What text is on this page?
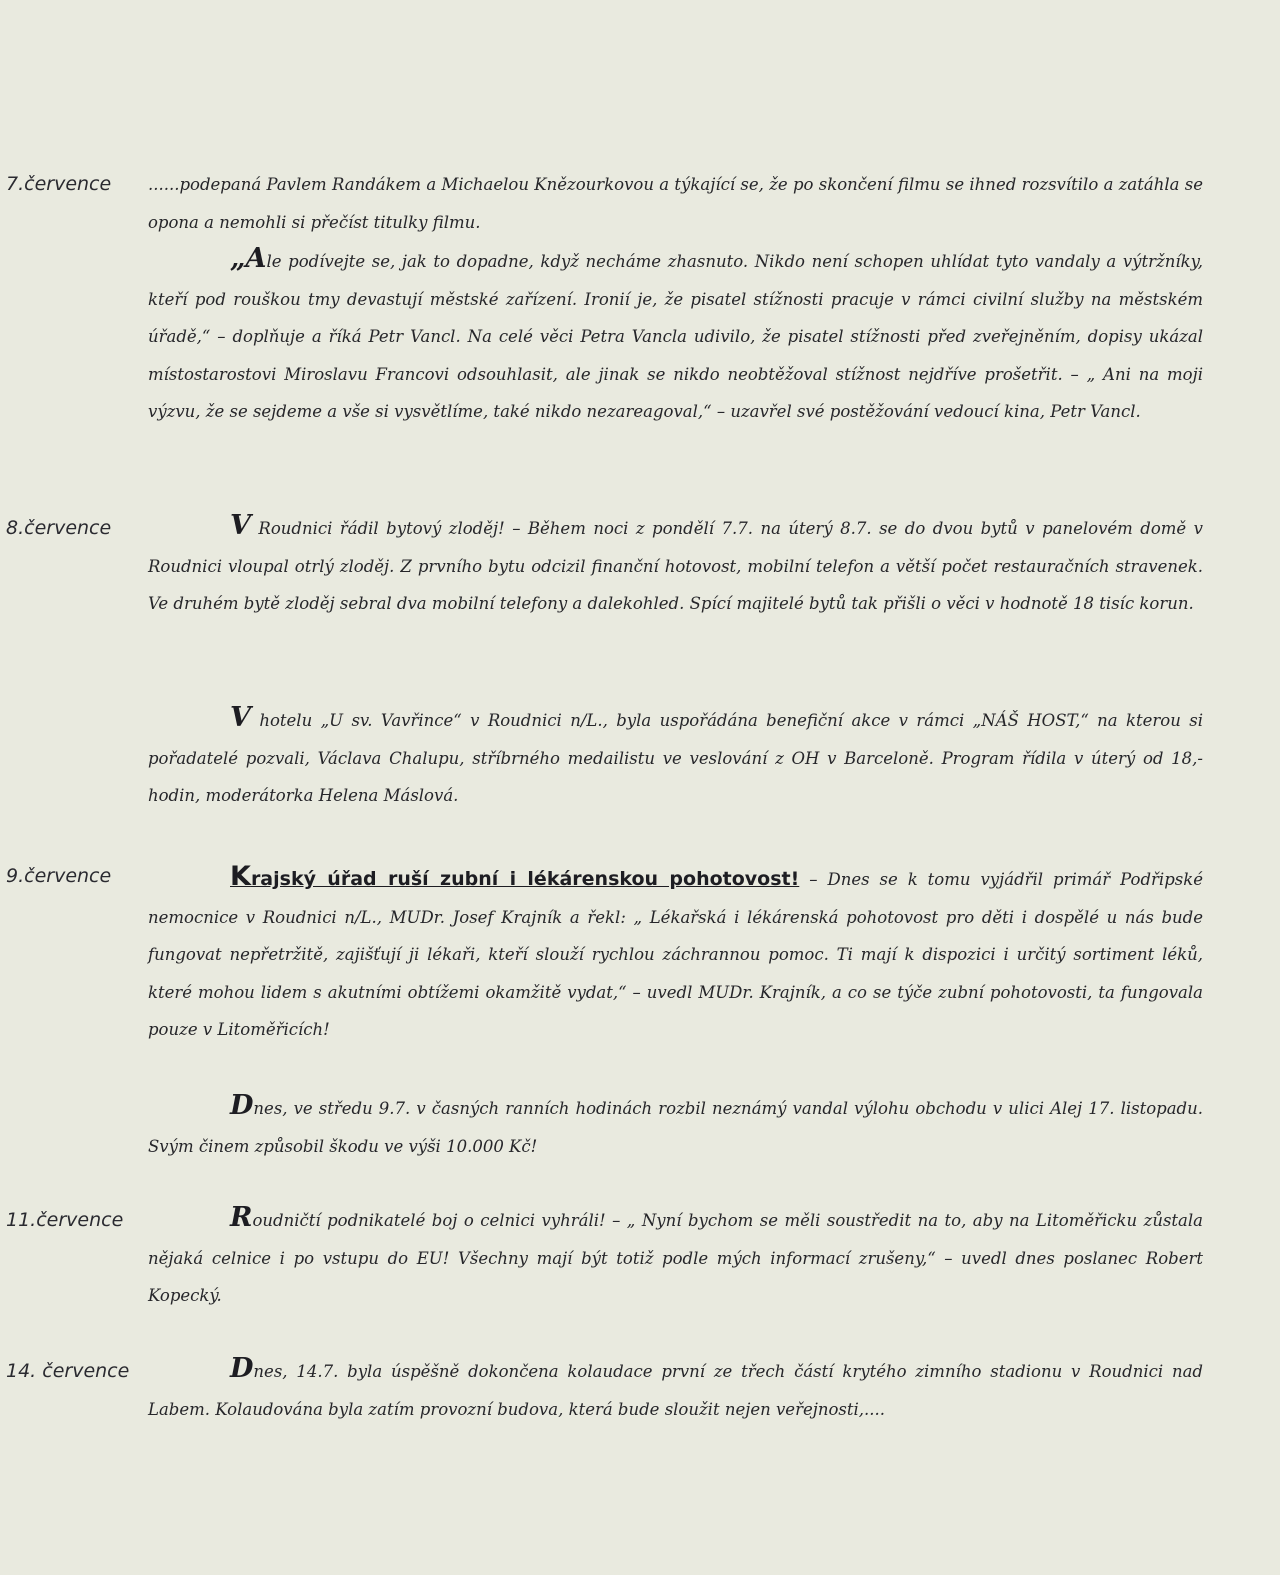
7.července ......podepaná Pavlem Randákem a Michaelou Knězourkovou a týkající se, že po skončení filmu se ihned rozsvítilo a zatáhla se opona a nemohli si přečíst titulky filmu.

„Ale podívejte se, jak to dopadne, když necháme zhasnuto. Nikdo není schopen uhlídat tyto vandaly a výtržníky, kteří pod rouškou tmy devastují městské zařízení. Ironií je, že pisatel stížnosti pracuje v rámci civilní služby na městském úřadě,“ – doplňuje a říká Petr Vancl. Na celé věci Petra Vancla udivilo, že pisatel stížnosti před zveřejněním, dopisy ukázal místostarostovi Miroslavu Francovi odsouhlasit, ale jinak se nikdo neobtěžoval stížnost nejdříve prošetřit. – „ Ani na moji výzvu, že se sejdeme a vše si vysvětlíme, také nikdo nezareagoval,“ – uzavřel své postěžování vedoucí kina, Petr Vancl.

8.července	V Roudnici řádil bytový zloděj! – Během noci z pondělí 7.7. na úterý 8.7. se do dvou bytů v panelovém domě v Roudnici vloupal otrlý zloděj. Z prvního bytu odcizil finanční hotovost, mobilní telefon a větší počet restauračních stravenek. Ve druhém bytě zloděj sebral dva mobilní telefony a dalekohled. Spící majitelé bytů tak přišli o věci v hodnotě 18 tisíc korun.

V hotelu „U sv. Vavřince“ v Roudnici n/L., byla uspořádána benefiční akce v rámci „NÁŠ HOST,“ na kterou si pořadatelé pozvali, Václava Chalupu, stříbrného medailistu ve veslování z OH v Barceloně. Program řídila v úterý od 18,- hodin, moderátorka Helena Máslová.

9.července	Krajský úřad ruší zubní i lékárenskou pohotovost! – Dnes se k tomu vyjádřil primář Podřipské nemocnice v Roudnici n/L., MUDr. Josef Krajník a řekl: „ Lékařská i lékárenská pohotovost pro děti i dospělé u nás bude fungovat nepřetržitě, zajišťují ji lékaři, kteří slouží rychlou záchrannou pomoc. Ti mají k dispozici i určitý sortiment léků, které mohou lidem s akutními obtížemi okamžitě vydat,“ – uvedl MUDr. Krajník, a co se týče zubní pohotovosti, ta fungovala pouze v Litoměřicích!

Dnes, ve středu 9.7. v časných ranních hodinách rozbil neznámý vandal výlohu obchodu v ulici Alej 17. listopadu. Svým činem způsobil škodu ve výši 10.000 Kč!

11.července	Roudničtí podnikatelé boj o celnici vyhráli! – „ Nyní bychom se měli soustředit na to, aby na Litoměřicku zůstala nějaká celnice i po vstupu do EU! Všechny mají být totiž podle mých informací zrušeny,“ – uvedl dnes poslanec Robert Kopecký.

14. července	Dnes, 14.7. byla úspěšně dokončena kolaudace první ze třech částí krytého zimního stadionu v Roudnici nad Labem. Kolaudována byla zatím provozní budova, která bude sloužit nejen veřejnosti,....
